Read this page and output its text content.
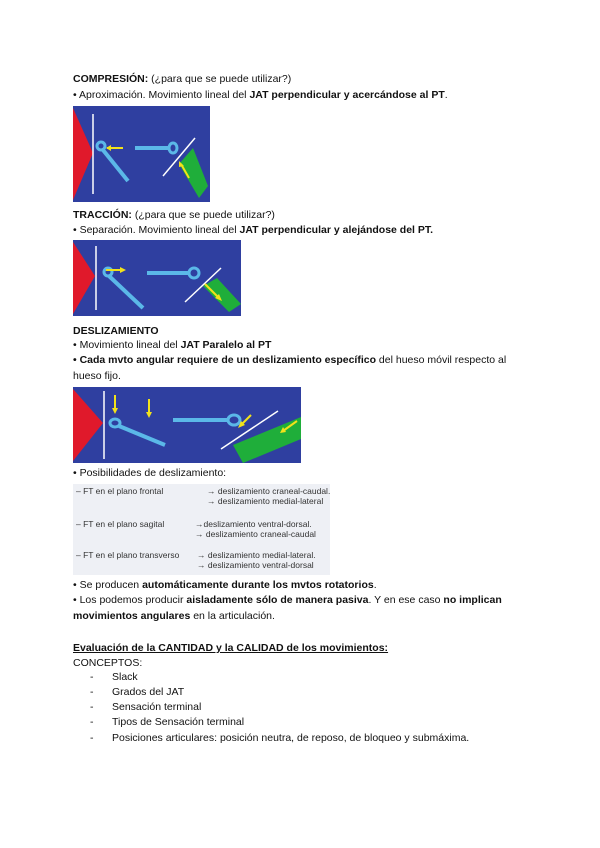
COMPRESIÓN: (¿para que se puede utilizar?)
• Aproximación. Movimiento lineal del JAT perpendicular y acercándose al PT.
TRACCIÓN: (¿para que se puede utilizar?)
• Separación. Movimiento lineal del JAT perpendicular y alejándose del PT.
DESLIZAMIENTO
• Movimiento lineal del JAT Paralelo al PT
• Cada mvto angular requiere de un deslizamiento específico del hueso móvil respecto al
hueso fijo.
• Posibilidades de deslizamiento:
– FT en el plano frontal	→ deslizamiento craneal-caudal.
→ deslizamiento medial-lateral
– FT en el plano sagital	→deslizamiento ventral-dorsal.
→ deslizamiento craneal-caudal
– FT en el plano transverso → deslizamiento medial-lateral.
→ deslizamiento ventral-dorsal
• Se producen automáticamente durante los mvtos rotatorios.
• Los podemos producir aisladamente sólo de manera pasiva. Y en ese caso no implican
movimientos angulares en la articulación.
Evaluación de la CANTIDAD y la CALIDAD de los movimientos:
CONCEPTOS:
- Slack
- Grados del JAT
- Sensación terminal
- Tipos de Sensación terminal
- Posiciones articulares: posición neutra, de reposo, de bloqueo y submáxima.
